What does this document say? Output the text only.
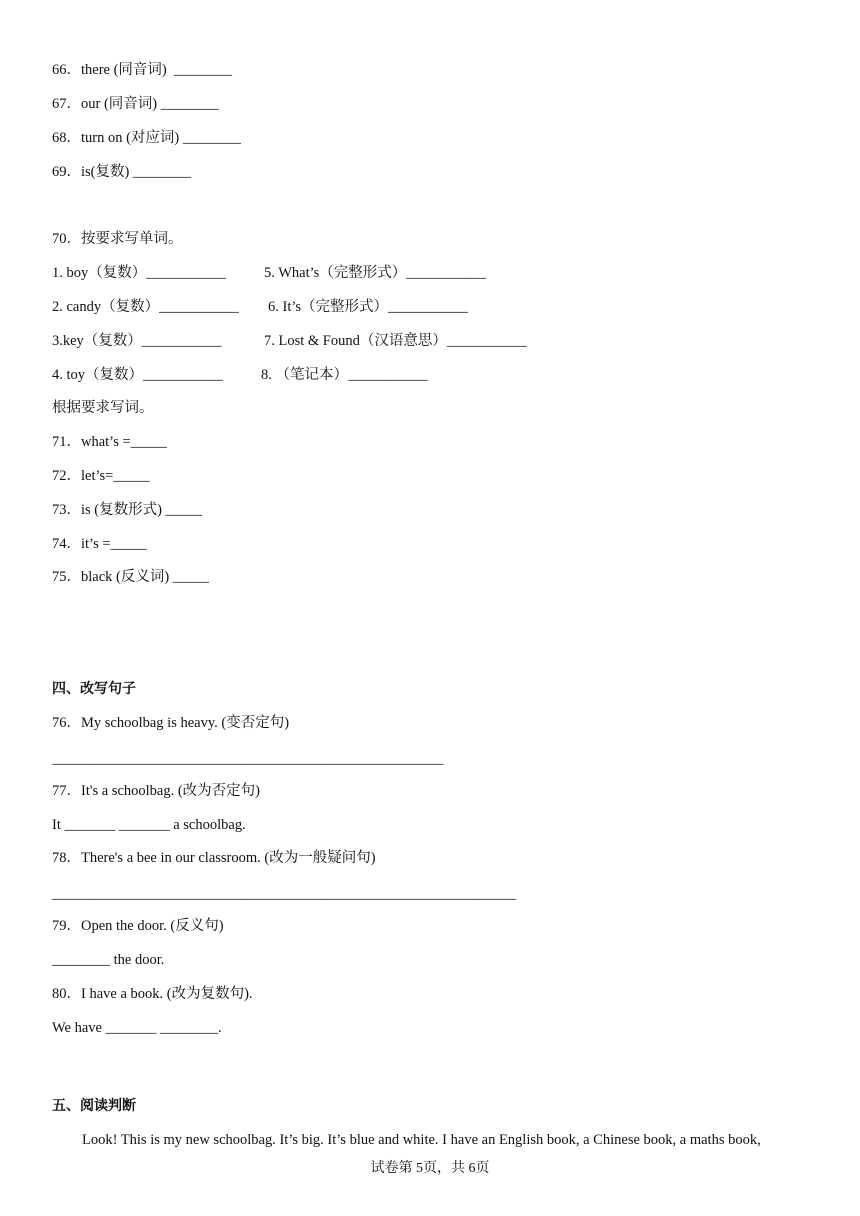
66．there (同音词)  ________
67．our (同音词) ________
68．turn on (对应词) ________
69．is(复数) ________
70．按要求写单词。
1. boy（复数）___________	5. What’s（完整形式）___________
2. candy（复数）___________ 6. It’s（完整形式）___________
3.key（复数）___________	7. Lost & Found（汉语意思）___________
4. toy（复数）___________	8. （笔记本）___________
根据要求写词。
71．what’s =_____
72．let’s=_____
73．is (复数形式) _____
74．it’s =_____
75．black (反义词) _____
四、改写句子
76．My schoolbag is heavy. (变否定句)
______________________________________________________
77．It's a schoolbag. (改为否定句)
It _______ _______ a schoolbag.
78．There's a bee in our classroom. (改为一般疑问句)
________________________________________________________________
79．Open the door. (反义句)
________ the door.
80．I have a book. (改为复数句).
We have _______ ________.
五、阅读判断
Look! This is my new schoolbag. It’s big. It’s blue and white. I have an English book, a Chinese book, a maths book,
试卷第 5页，共 6页
